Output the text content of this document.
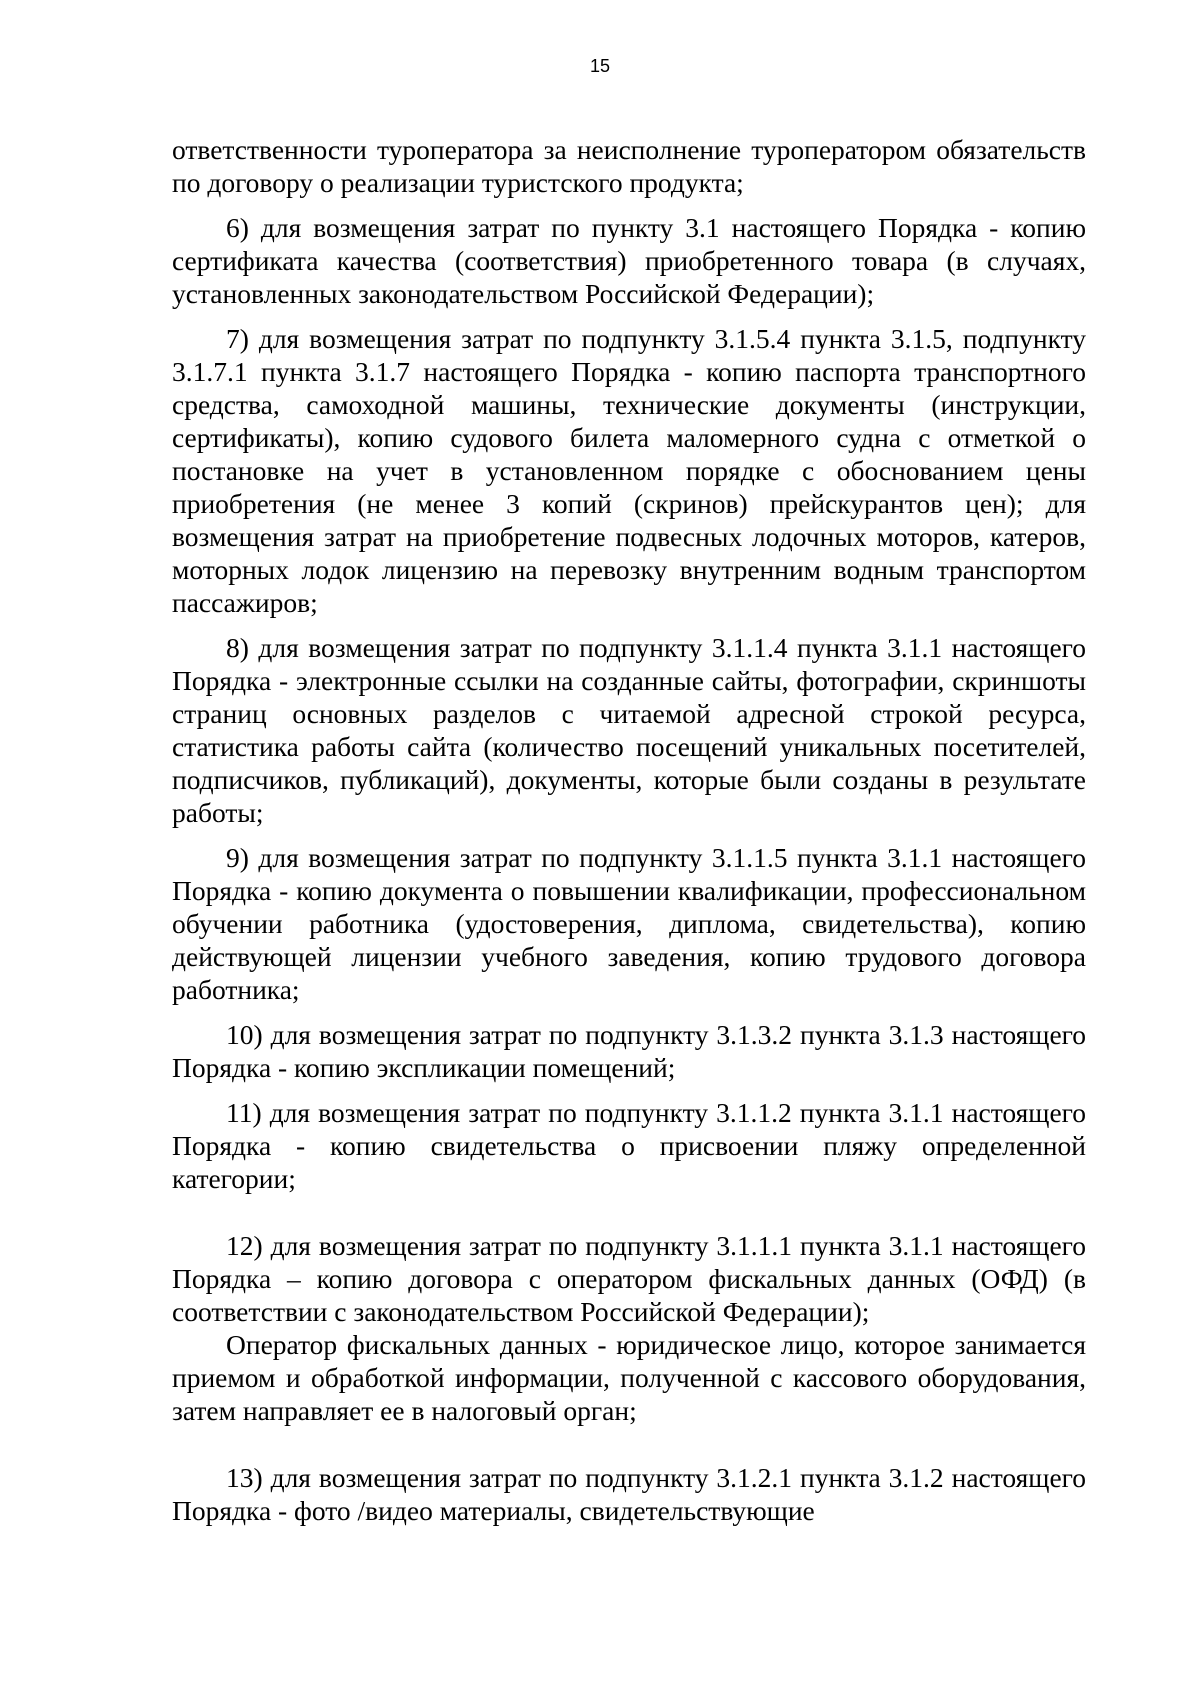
15

ответственности туроператора за неисполнение туроператором обязательств по договору о реализации туристского продукта;

6) для возмещения затрат по пункту 3.1 настоящего Порядка - копию сертификата качества (соответствия) приобретенного товара (в случаях, установленных законодательством Российской Федерации);

7) для возмещения затрат по подпункту 3.1.5.4 пункта 3.1.5, подпункту 3.1.7.1 пункта 3.1.7 настоящего Порядка - копию паспорта транспортного средства, самоходной машины, технические документы (инструкции, сертификаты), копию судового билета маломерного судна с отметкой о постановке на учет в установленном порядке с обоснованием цены приобретения (не менее 3 копий (скринов) прейскурантов цен); для возмещения затрат на приобретение подвесных лодочных моторов, катеров, моторных лодок лицензию на перевозку внутренним водным транспортом пассажиров;

8) для возмещения затрат по подпункту 3.1.1.4 пункта 3.1.1 настоящего Порядка - электронные ссылки на созданные сайты, фотографии, скриншоты страниц основных разделов с читаемой адресной строкой ресурса, статистика работы сайта (количество посещений уникальных посетителей, подписчиков, публикаций), документы, которые были созданы в результате работы;

9) для возмещения затрат по подпункту 3.1.1.5 пункта 3.1.1 настоящего Порядка - копию документа о повышении квалификации, профессиональном обучении работника (удостоверения, диплома, свидетельства), копию действующей лицензии учебного заведения, копию трудового договора работника;

10) для возмещения затрат по подпункту 3.1.3.2 пункта 3.1.3 настоящего Порядка - копию экспликации помещений;

11) для возмещения затрат по подпункту 3.1.1.2 пункта 3.1.1 настоящего Порядка - копию свидетельства о присвоении пляжу определенной категории;

12) для возмещения затрат по подпункту 3.1.1.1 пункта 3.1.1 настоящего Порядка – копию договора с оператором фискальных данных (ОФД) (в соответствии с законодательством Российской Федерации);

Оператор фискальных данных - юридическое лицо, которое занимается приемом и обработкой информации, полученной с кассового оборудования, затем направляет ее в налоговый орган;

13) для возмещения затрат по подпункту 3.1.2.1 пункта 3.1.2 настоящего Порядка - фото /видео материалы, свидетельствующие
